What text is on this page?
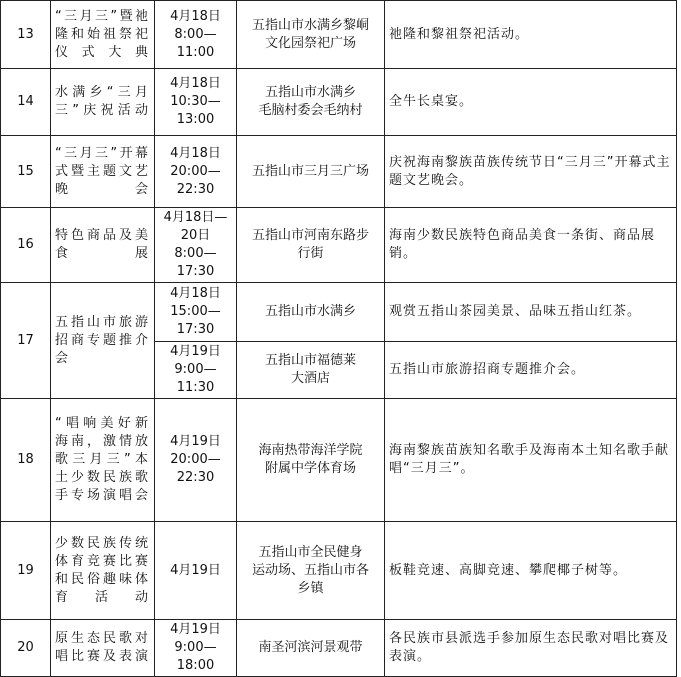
13	“三月三”暨祂隆和始祖祭祀仪式大典	4月18日
8:00—
11:00	五指山市水满乡黎峒
文化园祭祀广场	祂隆和黎祖祭祀活动。
14	水满乡“三月三”庆祝活动	4月18日
10:30—
13:00	五指山市水满乡
毛脑村委会毛纳村	全牛长桌宴。
15	“三月三”开幕式暨主题文艺晚会	4月18日
20:00—
22:30	五指山市三月三广场	庆祝海南黎族苗族传统节日“三月三”开幕式主题文艺晚会。
16	特色商品及美食展	4月18日—
20日
8:00—
17:30	五指山市河南东路步
行街	海南少数民族特色商品美食一条街、商品展销。
17	五指山市旅游招商专题推介会	4月18日
15:00—
17:30	五指山市水满乡	观赏五指山茶园美景、品味五指山红茶。

		4月19日
9:00—
11:30	五指山市福德莱
大酒店	五指山市旅游招商专题推介会。
18	“唱响美好新海南，激情放歌三月三”本土少数民族歌手专场演唱会	4月19日
20:00—
22:30	海南热带海洋学院
附属中学体育场	海南黎族苗族知名歌手及海南本土知名歌手献唱“三月三”。
19	少数民族传统体育竞赛比赛和民俗趣味体育活动	4月19日	五指山市全民健身
运动场、五指山市各
乡镇	板鞋竞速、高脚竞速、攀爬椰子树等。
20	原生态民歌对唱比赛及表演	4月19日
9:00—18:00	南圣河滨河景观带	各民族市县派选手参加原生态民歌对唱比赛及表演。
